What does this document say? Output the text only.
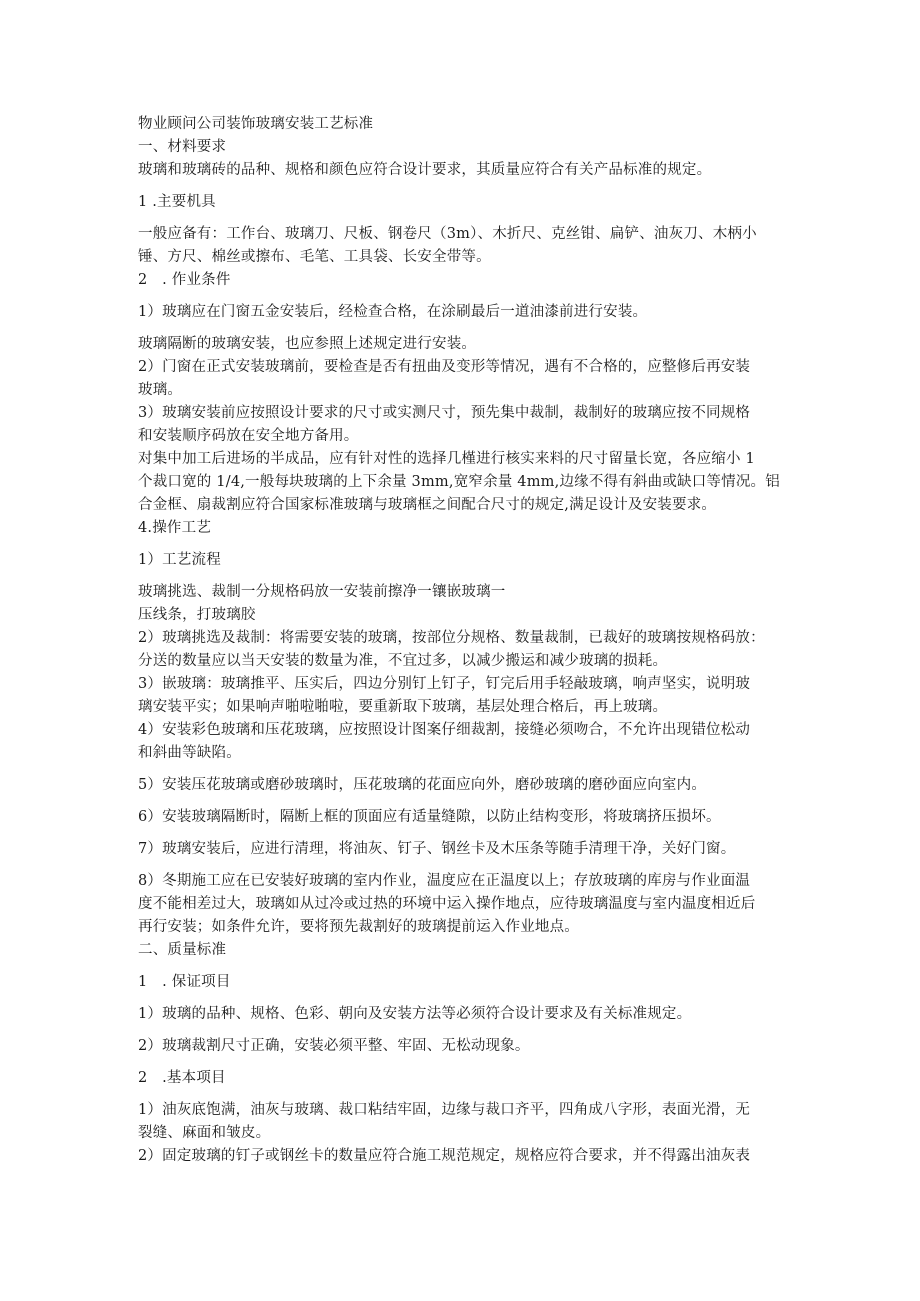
物业顾问公司装饰玻璃安装工艺标准
一、材料要求
玻璃和玻璃砖的品种、规格和颜色应符合设计要求，其质量应符合有关产品标准的规定。
1 .主要机具
一般应备有：工作台、玻璃刀、尺板、钢卷尺（3m）、木折尺、克丝钳、扁铲、油灰刀、木柄小
锤、方尺、棉丝或擦布、毛笔、工具袋、长安全带等。
2　. 作业条件
1）玻璃应在门窗五金安装后，经检查合格，在涂刷最后一道油漆前进行安装。
玻璃隔断的玻璃安装，也应参照上述规定进行安装。
2）门窗在正式安装玻璃前，要检查是否有扭曲及变形等情况，遇有不合格的，应整修后再安装
玻璃。
3）玻璃安装前应按照设计要求的尺寸或实测尺寸，预先集中裁制，裁制好的玻璃应按不同规格
和安装顺序码放在安全地方备用。
对集中加工后进场的半成品，应有针对性的选择几槿进行核实来料的尺寸留量长宽，各应缩小 1
个裁口宽的 1/4,一般每块玻璃的上下余量 3mm,宽窄余量 4mm,边缘不得有斜曲或缺口等情况。铝
合金框、扇裁割应符合国家标准玻璃与玻璃框之间配合尺寸的规定,满足设计及安装要求。
4.操作工艺
1）工艺流程
玻璃挑选、裁制一分规格码放一安装前擦净一镶嵌玻璃一
压线条，打玻璃胶
2）玻璃挑选及裁制：将需要安装的玻璃，按部位分规格、数量裁制，已裁好的玻璃按规格码放：
分送的数量应以当天安装的数量为准，不宜过多，以减少搬运和减少玻璃的损耗。
3）嵌玻璃：玻璃推平、压实后，四边分别钉上钉子，钉完后用手轻敲玻璃，响声坚实，说明玻
璃安装平实；如果响声啪啦啪啦，要重新取下玻璃，基层处理合格后，再上玻璃。
4）安装彩色玻璃和压花玻璃，应按照设计图案仔细裁割，接缝必须吻合，不允许出现错位松动
和斜曲等缺陷。
5）安装压花玻璃或磨砂玻璃时，压花玻璃的花面应向外，磨砂玻璃的磨砂面应向室内。
6）安装玻璃隔断时，隔断上框的顶面应有适量缝隙，以防止结构变形，将玻璃挤压损坏。
7）玻璃安装后，应进行清理，将油灰、钉子、钢丝卡及木压条等随手清理干净，关好门窗。
8）冬期施工应在已安装好玻璃的室内作业，温度应在正温度以上；存放玻璃的库房与作业面温
度不能相差过大，玻璃如从过冷或过热的环境中运入操作地点，应待玻璃温度与室内温度相近后
再行安装；如条件允许，要将预先裁割好的玻璃提前运入作业地点。
二、质量标准
1　. 保证项目
1）玻璃的品种、规格、色彩、朝向及安装方法等必须符合设计要求及有关标准规定。
2）玻璃裁割尺寸正确，安装必须平整、牢固、无松动现象。
2　.基本项目
1）油灰底饱满，油灰与玻璃、裁口粘结牢固，边缘与裁口齐平，四角成八字形，表面光滑，无
裂缝、麻面和皱皮。
2）固定玻璃的钉子或钢丝卡的数量应符合施工规范规定，规格应符合要求，并不得露出油灰表
